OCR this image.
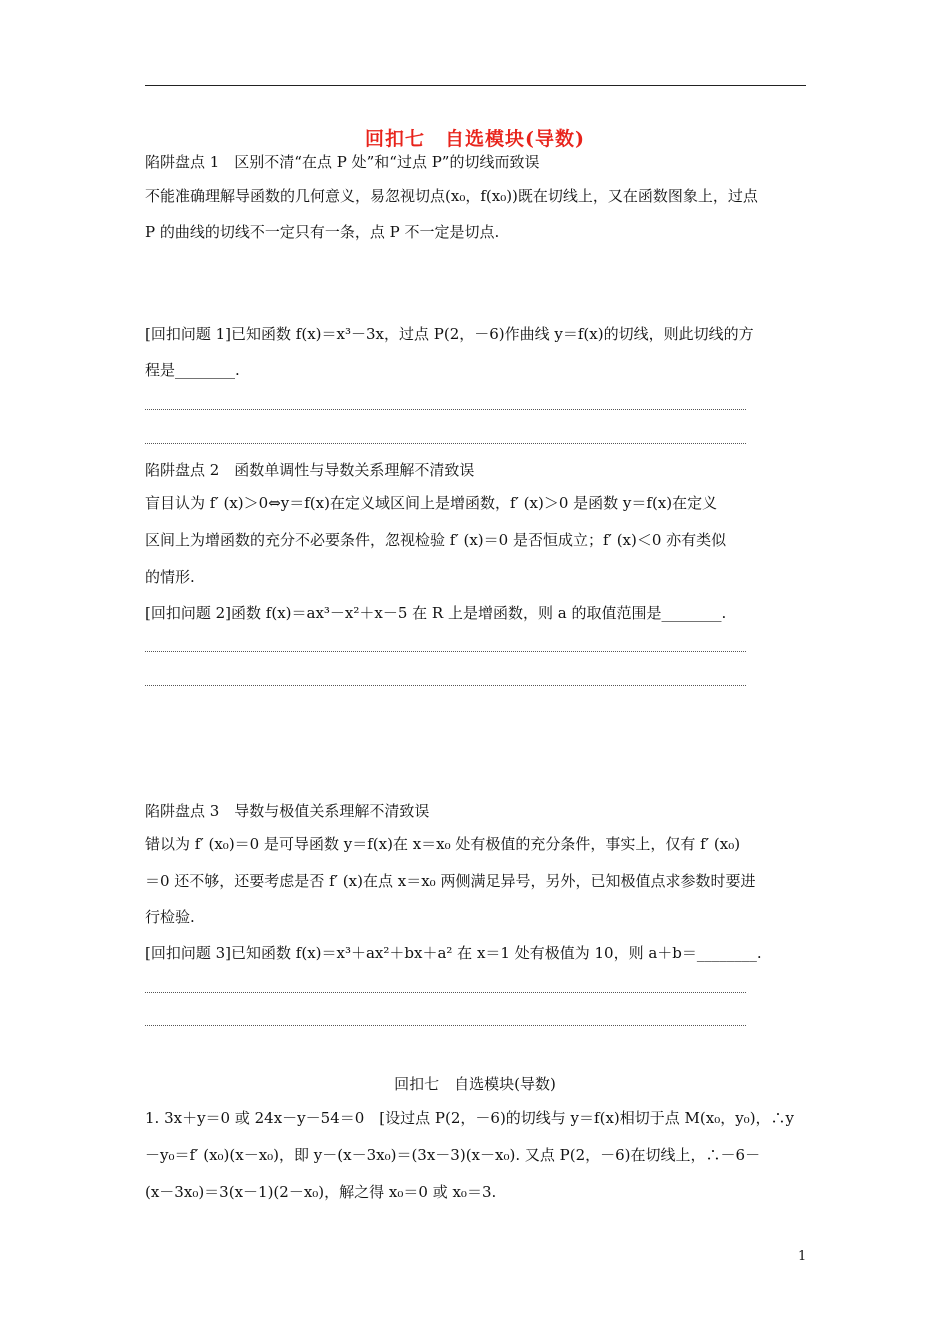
回扣七　自选模块(导数)
陷阱盘点 1　区别不清“在点 P 处”和“过点 P”的切线而致误
不能准确理解导函数的几何意义，易忽视切点(x₀，f(x₀))既在切线上，又在函数图象上，过点
P 的曲线的切线不一定只有一条，点 P 不一定是切点.
[回扣问题 1]已知函数 f(x)＝x³－3x，过点 P(2，－6)作曲线 y＝f(x)的切线，则此切线的方
程是________.
陷阱盘点 2　函数单调性与导数关系理解不清致误
盲目认为 f′ (x)＞0⇔y＝f(x)在定义域区间上是增函数，f′ (x)＞0 是函数 y＝f(x)在定义
区间上为增函数的充分不必要条件，忽视检验 f′ (x)＝0 是否恒成立；f′ (x)＜0 亦有类似
的情形.
[回扣问题 2]函数 f(x)＝ax³－x²＋x－5 在 R 上是增函数，则 a 的取值范围是________.
陷阱盘点 3　导数与极值关系理解不清致误
错以为 f′ (x₀)＝0 是可导函数 y＝f(x)在 x＝x₀ 处有极值的充分条件，事实上，仅有 f′ (x₀)
＝0 还不够，还要考虑是否 f′ (x)在点 x＝x₀ 两侧满足异号，另外，已知极值点求参数时要进
行检验.
[回扣问题 3]已知函数 f(x)＝x³＋ax²＋bx＋a² 在 x＝1 处有极值为 10，则 a＋b＝________.
回扣七　自选模块(导数)
1. 3x＋y＝0 或 24x－y－54＝0　[设过点 P(2，－6)的切线与 y＝f(x)相切于点 M(x₀，y₀)，∴y
－y₀＝f′ (x₀)(x－x₀)，即 y－(x－3x₀)＝(3x－3)(x－x₀). 又点 P(2，－6)在切线上，∴－6－
(x－3x₀)＝3(x－1)(2－x₀)，解之得 x₀＝0 或 x₀＝3.
1
